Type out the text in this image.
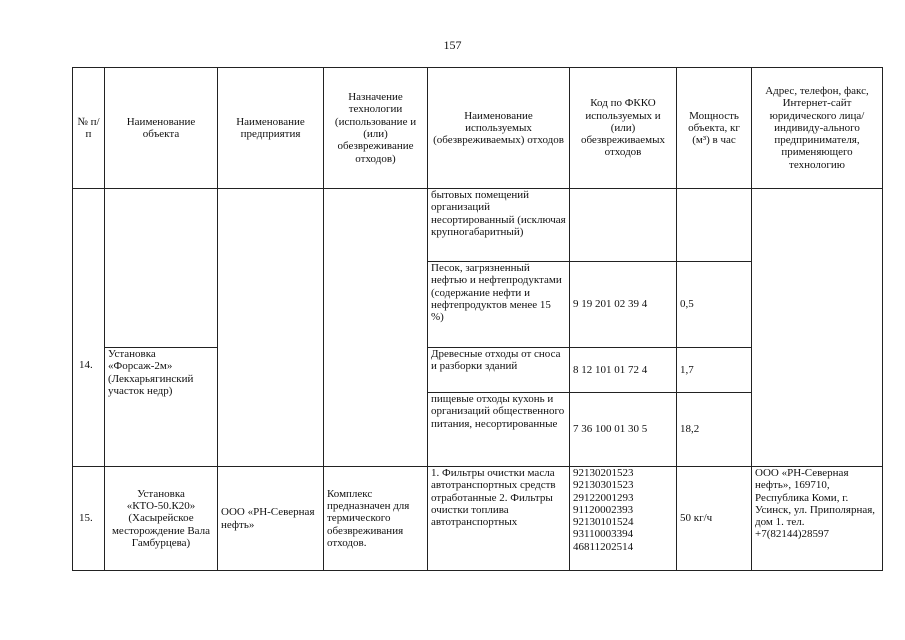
157
№ п/п	Наименование объекта	Наименование предприятия	Назначение технологии (использование и (или) обезвреживание отходов)	Наименование используемых (обезвреживаемых) отходов	Код по ФККО используемых и (или) обезвреживаемых отходов	Мощность объекта, кг (м³) в час	Адрес, телефон, факс, Интернет-сайт юридического лица/индивиду-ального предпринимателя, применяющего технологию

14.				бытовых помещений организаций несортированный (исключая крупногабаритный)			
				Песок, загрязненный нефтью и нефтепродуктами (содержание нефти и нефтепродуктов менее 15 %)	9 19 201 02 39 4	0,5	
	Установка «Форсаж-2м» (Лекхарьягинский участок недр)			Древесные отходы от сноса и разборки зданий	8 12 101 01 72 4	1,7	
				пищевые отходы кухонь и организаций общественного питания, несортированные	7 36 100 01 30 5	18,2	
15.	Установка «КТО-50.К20» (Хасырейское месторождение Вала Гамбурцева)	ООО «РН-Северная нефть»	Комплекс предназначен для термического обезвреживания отходов.	1. Фильтры очистки масла автотранспортных средств отработанные 2. Фильтры очистки топлива автотранспортных	92130201523 92130301523 29122001293 91120002393 92130101524 93110003394 46811202514	50 кг/ч	ООО «РН-Северная нефть», 169710, Республика Коми, г. Усинск, ул. Приполярная, дом 1. тел. +7(82144)28597
